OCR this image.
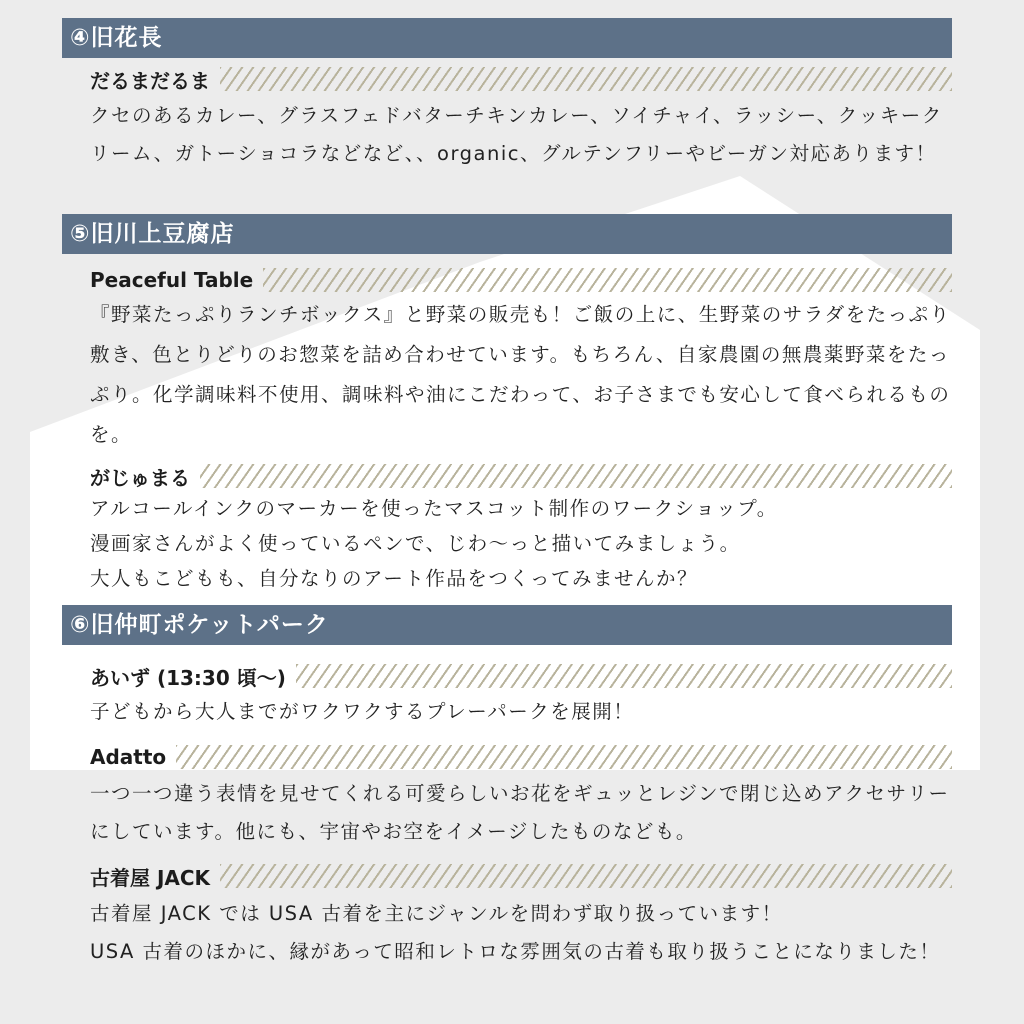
④旧花長
だるまだるま

クセのあるカレー、グラスフェドバターチキンカレー、ソイチャイ、ラッシー、クッキークリーム、ガトーショコラなどなど、、organic、グルテンフリーやビーガン対応あります！

⑤旧川上豆腐店
Peaceful Table

『野菜たっぷりランチボックス』と野菜の販売も！ご飯の上に、生野菜のサラダをたっぷり敷き、色とりどりのお惣菜を詰め合わせています。もちろん、自家農園の無農薬野菜をたっぷり。化学調味料不使用、調味料や油にこだわって、お子さまでも安心して食べられるものを。

がじゅまる

アルコールインクのマーカーを使ったマスコット制作のワークショップ。
漫画家さんがよく使っているペンで、じわ〜っと描いてみましょう。
大人もこどもも、自分なりのアート作品をつくってみませんか？

⑥旧仲町ポケットパーク
あいず (13:30 頃〜)

子どもから大人までがワクワクするプレーパークを展開！

Adatto

一つ一つ違う表情を見せてくれる可愛らしいお花をギュッとレジンで閉じ込めアクセサリーにしています。他にも、宇宙やお空をイメージしたものなども。

古着屋 JACK

古着屋 JACK では USA 古着を主にジャンルを問わず取り扱っています！
USA 古着のほかに、縁があって昭和レトロな雰囲気の古着も取り扱うことになりました！
